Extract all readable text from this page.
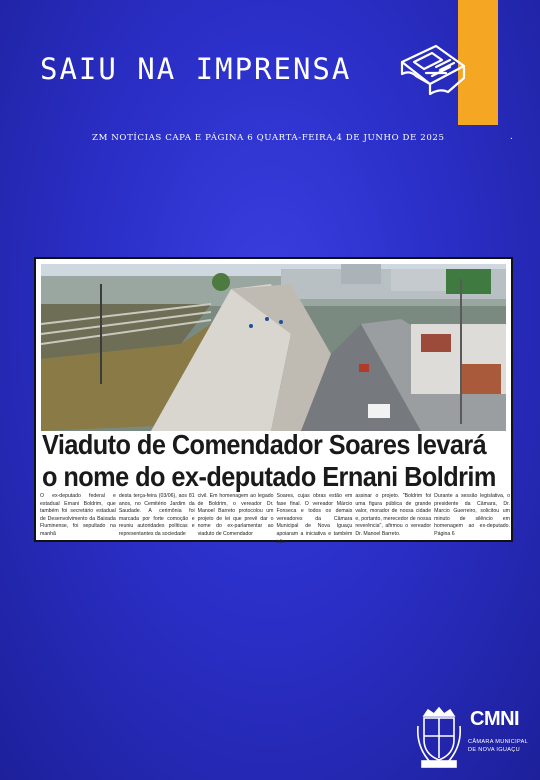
SAIU NA IMPRENSA
ZM NOTÍCIAS CAPA E PÁGINA 6 QUARTA-FEIRA,4 DE JUNHO DE 2025	.
Viaduto de Comendador Soares levará
o nome do ex-deputado Ernani Boldrim
O ex-deputado federal e estadual Ernani Boldrim, que também foi secretário estadual de Desenvolvimento da Baixada Fluminense, foi sepultado na manhã
desta terça-feira (03/06), aos 81 anos, no Cemitério Jardim da Saudade. A cerimônia foi marcada por forte comoção e reuniu autoridades políticas e representantes da sociedade
civil. Em homenagem ao legado de Boldrim, o vereador Dr. Manoel Barreto protocolou um projeto de lei que prevê dar o nome do ex-parlamentar ao viaduto de Comendador
Soares, cujas obras estão em fase final. O vereador Márcio Fonseca e todos os demais vereadores da Câmara Municipal de Nova Iguaçu apoiaram a iniciativa e também irão
assinar o projeto. "Boldrim foi uma figura pública de grande valor, morador de nossa cidade e, portanto, merecedor de nossa reverência", afirmou o vereador Dr. Manoel Barreto.
Durante a sessão legislativa, o presidente da Câmara, Dr. Marcio Guerreiro, solicitou um minuto de silêncio em homenagem ao ex-deputado. Página 6
CMNI
CÂMARA MUNICIPAL
DE NOVA IGUAÇU
